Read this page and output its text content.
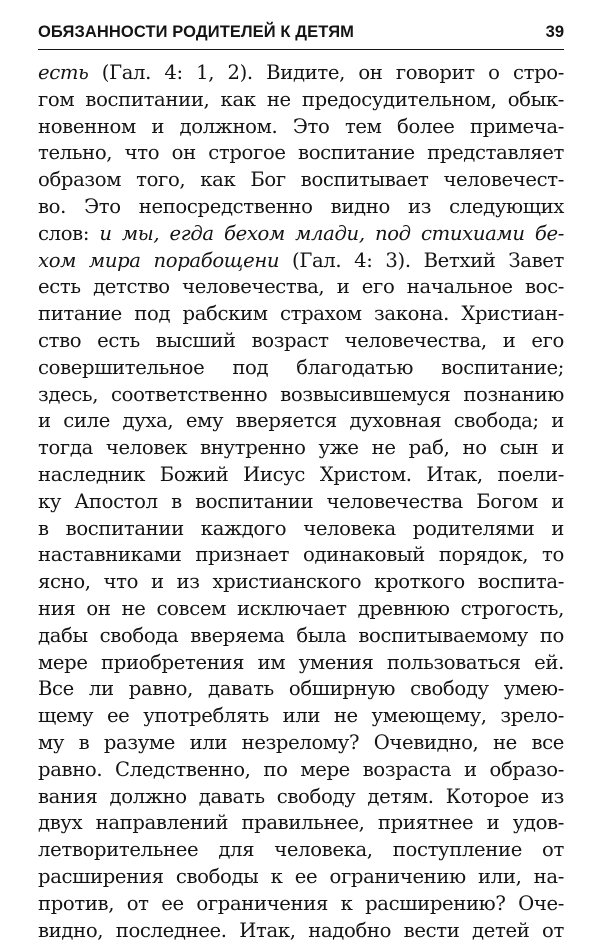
ОБЯЗАННОСТИ РОДИТЕЛЕЙ К ДЕТЯМ	39
есть (Гал. 4: 1, 2). Видите, он говорит о стро-
гом воспитании, как не предосудительном, обык-
новенном и должном. Это тем более примеча-
тельно, что он строгое воспитание представляет
образом того, как Бог воспитывает человечест-
во. Это непосредственно видно из следующих
слов: и мы, егда бехом млади, под стихиами бе-
хом мира порабощени (Гал. 4: 3). Ветхий Завет
есть детство человечества, и его начальное вос-
питание под рабским страхом закона. Христиан-
ство есть высший возраст человечества, и его
совершительное под благодатью воспитание;
здесь, соответственно возвысившемуся познанию
и силе духа, ему вверяется духовная свобода; и
тогда человек внутренно уже не раб, но сын и
наследник Божий Иисус Христом. Итак, поели-
ку Апостол в воспитании человечества Богом и
в воспитании каждого человека родителями и
наставниками признает одинаковый порядок, то
ясно, что и из христианского кроткого воспита-
ния он не совсем исключает древнюю строгость,
дабы свобода вверяема была воспитываемому по
мере приобретения им умения пользоваться ей.
Все ли равно, давать обширную свободу умею-
щему ее употреблять или не умеющему, зрело-
му в разуме или незрелому? Очевидно, не все
равно. Следственно, по мере возраста и образо-
вания должно давать свободу детям. Которое из
двух направлений правильнее, приятнее и удов-
летворительнее для человека, поступление от
расширения свободы к ее ограничению или, на-
против, от ее ограничения к расширению? Оче-
видно, последнее. Итак, надобно вести детей от
